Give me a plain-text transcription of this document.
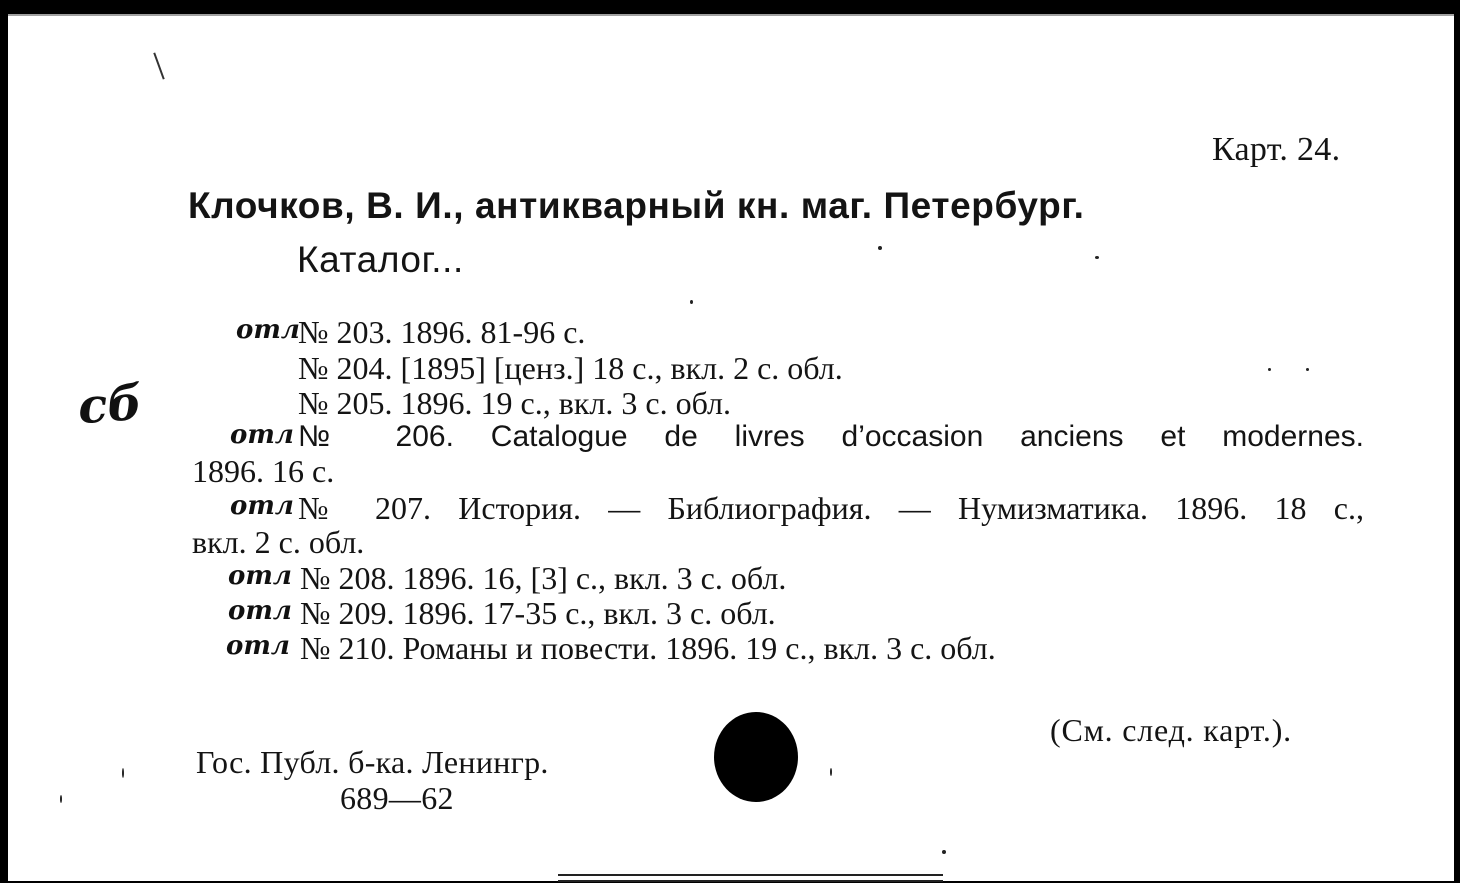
Карт. 24.
Клочков, В. И., антикварный кн. маг. Петербург.
Каталог...
сб
отл
№ 203. 1896. 81-96 с.
№ 204. [1895] [ценз.] 18 с., вкл. 2 с. обл.
№ 205. 1896. 19 с., вкл. 3 с. обл.
отл № 206. Catalogue de livres d’occasion anciens et modernes.
1896. 16 с.
отл № 207. История. — Библиография. — Нумизматика. 1896. 18 с.,
вкл. 2 с. обл.
отл № 208. 1896. 16, [3] с., вкл. 3 с. обл.
отл № 209. 1896. 17-35 с., вкл. 3 с. обл.
отл № 210. Романы и повести. 1896. 19 с., вкл. 3 с. обл.
(См. след. карт.).
Гос. Публ. б-ка. Ленингр.
689—62
